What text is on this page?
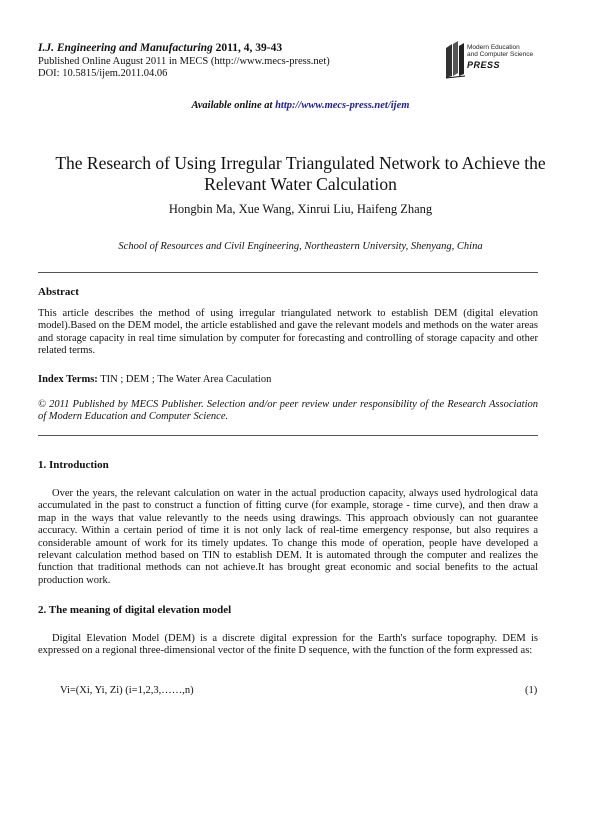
I.J. Engineering and Manufacturing 2011, 4, 39-43
Published Online August 2011 in MECS (http://www.mecs-press.net)
DOI: 10.5815/ijem.2011.04.06
Modern Education
and Computer Science
PRESS
Available online at http://www.mecs-press.net/ijem
The Research of Using Irregular Triangulated Network to Achieve the Relevant Water Calculation
Hongbin Ma, Xue Wang, Xinrui Liu, Haifeng Zhang
School of Resources and Civil Engineering, Northeastern University, Shenyang, China
Abstract
This article describes the method of using irregular triangulated network to establish DEM (digital elevation model).Based on the DEM model, the article established and gave the relevant models and methods on the water areas and storage capacity in real time simulation by computer for forecasting and controlling of storage capacity and other related terms.
Index Terms: TIN ; DEM ; The Water Area Caculation
© 2011 Published by MECS Publisher. Selection and/or peer review under responsibility of the Research Association of Modern Education and Computer Science.
1. Introduction
Over the years, the relevant calculation on water in the actual production capacity, always used hydrological data accumulated in the past to construct a function of fitting curve (for example, storage - time curve), and then draw a map in the ways that value relevantly to the needs using drawings. This approach obviously can not guarantee accuracy. Within a certain period of time it is not only lack of real-time emergency response, but also requires a considerable amount of work for its timely updates. To change this mode of operation, people have developed a relevant calculation method based on TIN to establish DEM. It is automated through the computer and realizes the function that traditional methods can not achieve.It has brought great economic and social benefits to the actual production work.
2. The meaning of digital elevation model
Digital Elevation Model (DEM) is a discrete digital expression for the Earth's surface topography. DEM is expressed on a regional three-dimensional vector of the finite D sequence, with the function of the form expressed as:
Vi=(Xi, Yi, Zi) (i=1,2,3,……,n)	(1)
